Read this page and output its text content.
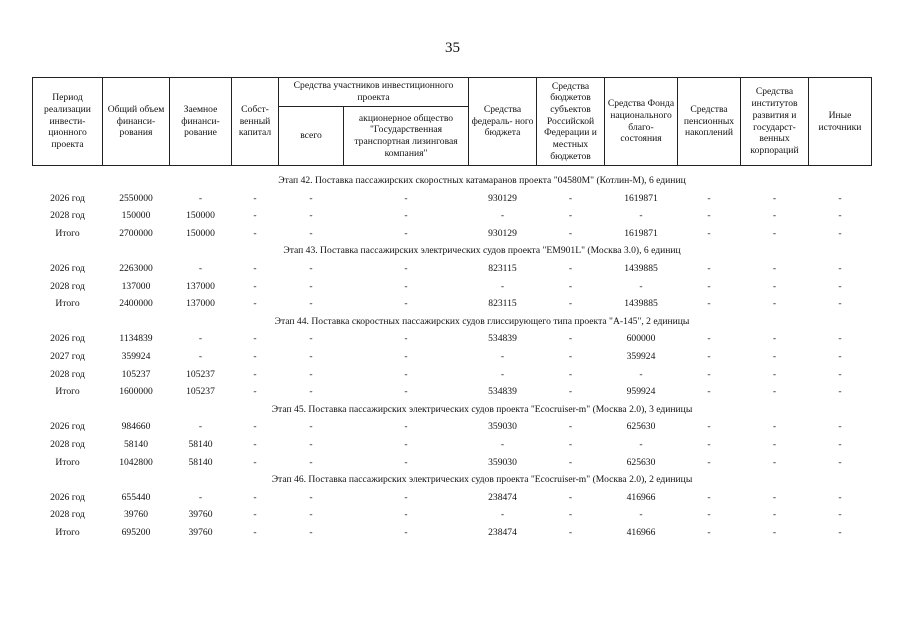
35
Период реализации инвести- ционного проекта	Общий объем финанси- рования	Заемное финанси- рование	Собст- венный капитал	Средства участников инвестиционного проекта		Средства федераль- ного бюджета	Средства бюджетов субъектов Российской Федерации и местных бюджетов	Средства Фонда национального благо- состояния	Средства пенсионных накоплений	Средства институтов развития и государст- венных корпораций	Иные источники
				всего	акционерное общество "Государственная транспортная лизинговая компания"						

Этап 42. Поставка пассажирских скоростных катамаранов проекта "04580М" (Котлин-М), 6 единиц											
2026 год	2550000	-	-	-	-	930129	-	1619871	-	-	-
2028 год	150000	150000	-	-	-	-	-	-	-	-	-
Итого	2700000	150000	-	-	-	930129	-	1619871	-	-	-
Этап 43. Поставка пассажирских электрических судов проекта "ЕМ901L" (Москва 3.0), 6 единиц											
2026 год	2263000	-	-	-	-	823115	-	1439885	-	-	-
2028 год	137000	137000	-	-	-	-	-	-	-	-	-
Итого	2400000	137000	-	-	-	823115	-	1439885	-	-	-
Этап 44. Поставка скоростных пассажирских судов глиссирующего типа проекта "А-145", 2 единицы											
2026 год	1134839	-	-	-	-	534839	-	600000	-	-	-
2027 год	359924	-	-	-	-	-	-	359924	-	-	-
2028 год	105237	105237	-	-	-	-	-	-	-	-	-
Итого	1600000	105237	-	-	-	534839	-	959924	-	-	-
Этап 45. Поставка пассажирских электрических судов проекта "Ecocruiser-m" (Москва 2.0), 3 единицы											
2026 год	984660	-	-	-	-	359030	-	625630	-	-	-
2028 год	58140	58140	-	-	-	-	-	-	-	-	-
Итого	1042800	58140	-	-	-	359030	-	625630	-	-	-
Этап 46. Поставка пассажирских электрических судов проекта "Ecocruiser-m" (Москва 2.0), 2 единицы											
2026 год	655440	-	-	-	-	238474	-	416966	-	-	-
2028 год	39760	39760	-	-	-	-	-	-	-	-	-
Итого	695200	39760	-	-	-	238474	-	416966	-	-	-
